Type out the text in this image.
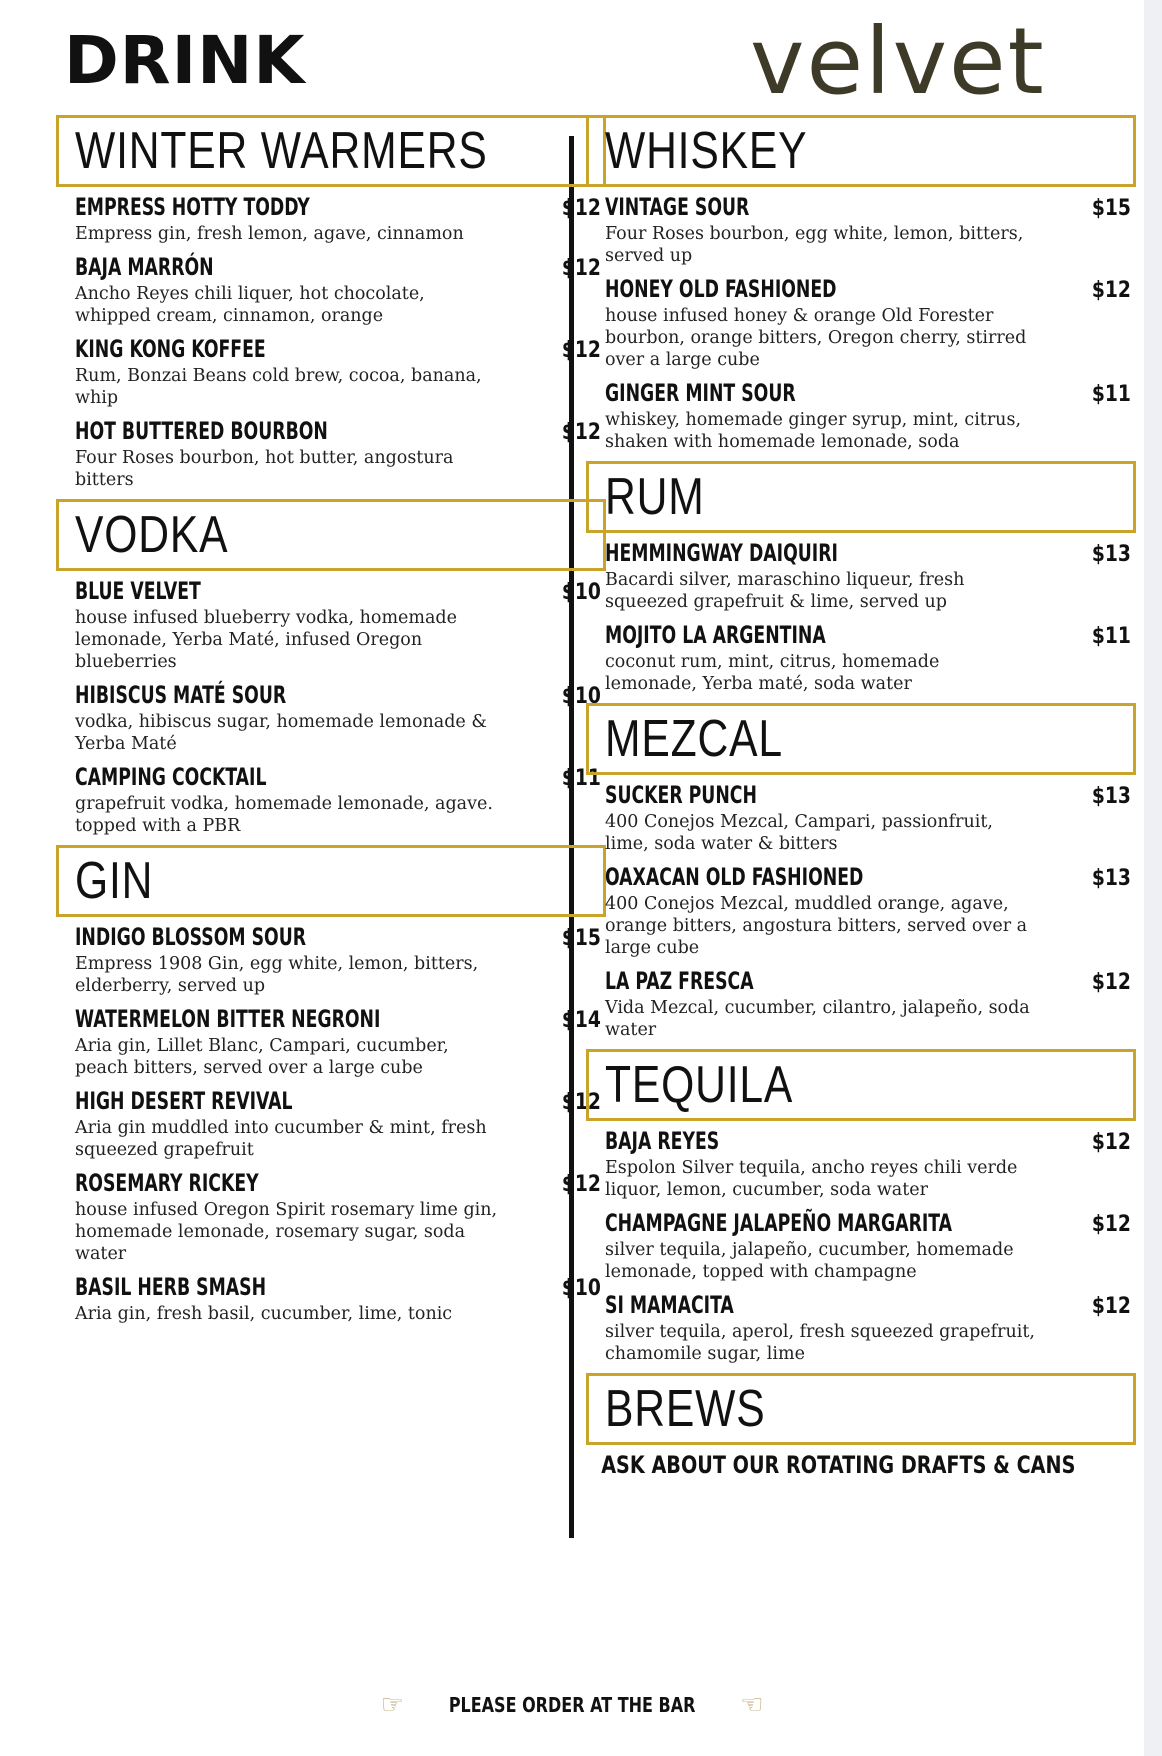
DRINK	velvet
WINTER WARMERS
EMPRESS HOTTY TODDY	$12
Empress gin, fresh lemon, agave, cinnamon
BAJA MARRÓN	$12
Ancho Reyes chili liquer, hot chocolate, whipped cream, cinnamon, orange
KING KONG KOFFEE	$12
Rum, Bonzai Beans cold brew, cocoa, banana, whip
HOT BUTTERED BOURBON	$12
Four Roses bourbon, hot butter, angostura bitters
VODKA
BLUE VELVET	$10
house infused blueberry vodka, homemade lemonade, Yerba Maté, infused Oregon blueberries
HIBISCUS MATÉ SOUR	$10
vodka, hibiscus sugar, homemade lemonade & Yerba Maté
CAMPING COCKTAIL	$11
grapefruit vodka, homemade lemonade, agave. topped with a PBR
GIN
INDIGO BLOSSOM SOUR	$15
Empress 1908 Gin, egg white, lemon, bitters, elderberry, served up
WATERMELON BITTER NEGRONI	$14
Aria gin, Lillet Blanc, Campari, cucumber, peach bitters, served over a large cube
HIGH DESERT REVIVAL	$12
Aria gin muddled into cucumber & mint, fresh squeezed grapefruit
ROSEMARY RICKEY	$12
house infused Oregon Spirit rosemary lime gin, homemade lemonade, rosemary sugar, soda water
BASIL HERB SMASH	$10
Aria gin, fresh basil, cucumber, lime, tonic
WHISKEY
VINTAGE SOUR	$15
Four Roses bourbon, egg white, lemon, bitters, served up
HONEY OLD FASHIONED	$12
house infused honey & orange Old Forester bourbon, orange bitters, Oregon cherry, stirred over a large cube
GINGER MINT SOUR	$11
whiskey, homemade ginger syrup, mint, citrus, shaken with homemade lemonade, soda
RUM
HEMMINGWAY DAIQUIRI	$13
Bacardi silver, maraschino liqueur, fresh squeezed grapefruit & lime, served up
MOJITO LA ARGENTINA	$11
coconut rum, mint, citrus, homemade lemonade, Yerba maté, soda water
MEZCAL
SUCKER PUNCH	$13
400 Conejos Mezcal, Campari, passionfruit, lime, soda water & bitters
OAXACAN OLD FASHIONED	$13
400 Conejos Mezcal, muddled orange, agave, orange bitters, angostura bitters, served over a large cube
LA PAZ FRESCA	$12
Vida Mezcal, cucumber, cilantro, jalapeño, soda water
TEQUILA
BAJA REYES	$12
Espolon Silver tequila, ancho reyes chili verde liquor, lemon, cucumber, soda water
CHAMPAGNE JALAPEÑO MARGARITA	$12
silver tequila, jalapeño, cucumber, homemade lemonade, topped with champagne
SI MAMACITA	$12
silver tequila, aperol, fresh squeezed grapefruit, chamomile sugar, lime
BREWS
ASK ABOUT OUR ROTATING DRAFTS & CANS
☞ PLEASE ORDER AT THE BAR ☜
